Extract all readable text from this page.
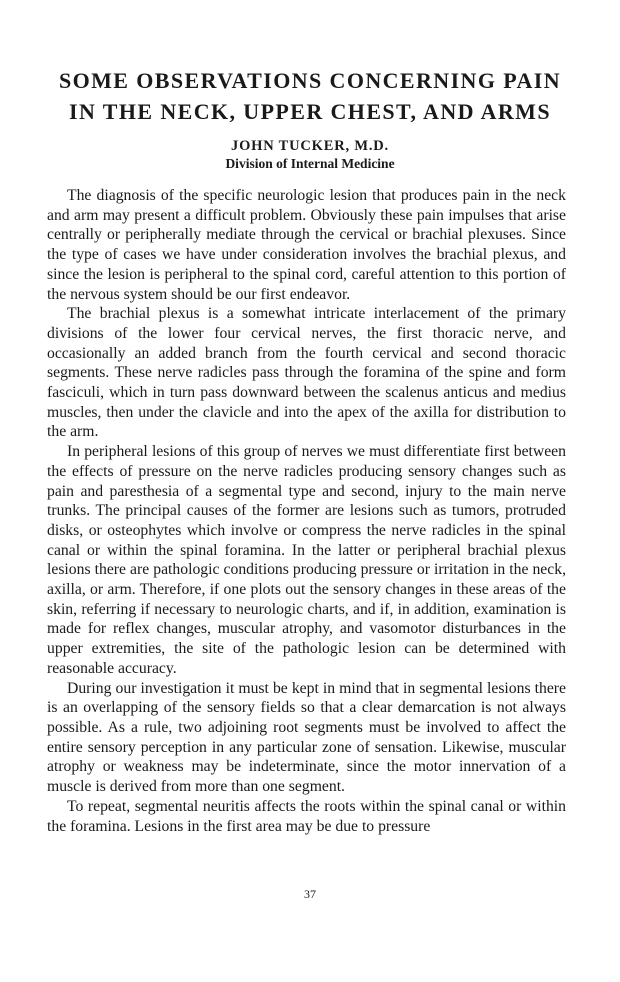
SOME OBSERVATIONS CONCERNING PAIN
IN THE NECK, UPPER CHEST, AND ARMS

JOHN TUCKER, M.D.

Division of Internal Medicine

The diagnosis of the specific neurologic lesion that produces pain in the neck and arm may present a difficult problem. Obviously these pain impulses that arise centrally or peripherally mediate through the cervical or brachial plexuses. Since the type of cases we have under consideration involves the brachial plexus, and since the lesion is peripheral to the spinal cord, careful attention to this portion of the nervous system should be our first endeavor.

The brachial plexus is a somewhat intricate interlacement of the primary divisions of the lower four cervical nerves, the first thoracic nerve, and occasionally an added branch from the fourth cervical and second thoracic segments. These nerve radicles pass through the foramina of the spine and form fasciculi, which in turn pass downward between the scalenus anticus and medius muscles, then under the clavicle and into the apex of the axilla for distribution to the arm.

In peripheral lesions of this group of nerves we must differentiate first between the effects of pressure on the nerve radicles producing sensory changes such as pain and paresthesia of a segmental type and second, injury to the main nerve trunks. The principal causes of the former are lesions such as tumors, protruded disks, or osteophytes which involve or compress the nerve radicles in the spinal canal or within the spinal foramina. In the latter or peripheral brachial plexus lesions there are pathologic conditions producing pressure or irritation in the neck, axilla, or arm. Therefore, if one plots out the sensory changes in these areas of the skin, referring if necessary to neurologic charts, and if, in addition, examination is made for reflex changes, muscular atrophy, and vasomotor disturbances in the upper extremities, the site of the pathologic lesion can be determined with reasonable accuracy.

During our investigation it must be kept in mind that in segmental lesions there is an overlapping of the sensory fields so that a clear demarcation is not always possible. As a rule, two adjoining root segments must be involved to affect the entire sensory perception in any particular zone of sensation. Likewise, muscular atrophy or weakness may be indeterminate, since the motor innervation of a muscle is derived from more than one segment.

To repeat, segmental neuritis affects the roots within the spinal canal or within the foramina. Lesions in the first area may be due to pressure

37
